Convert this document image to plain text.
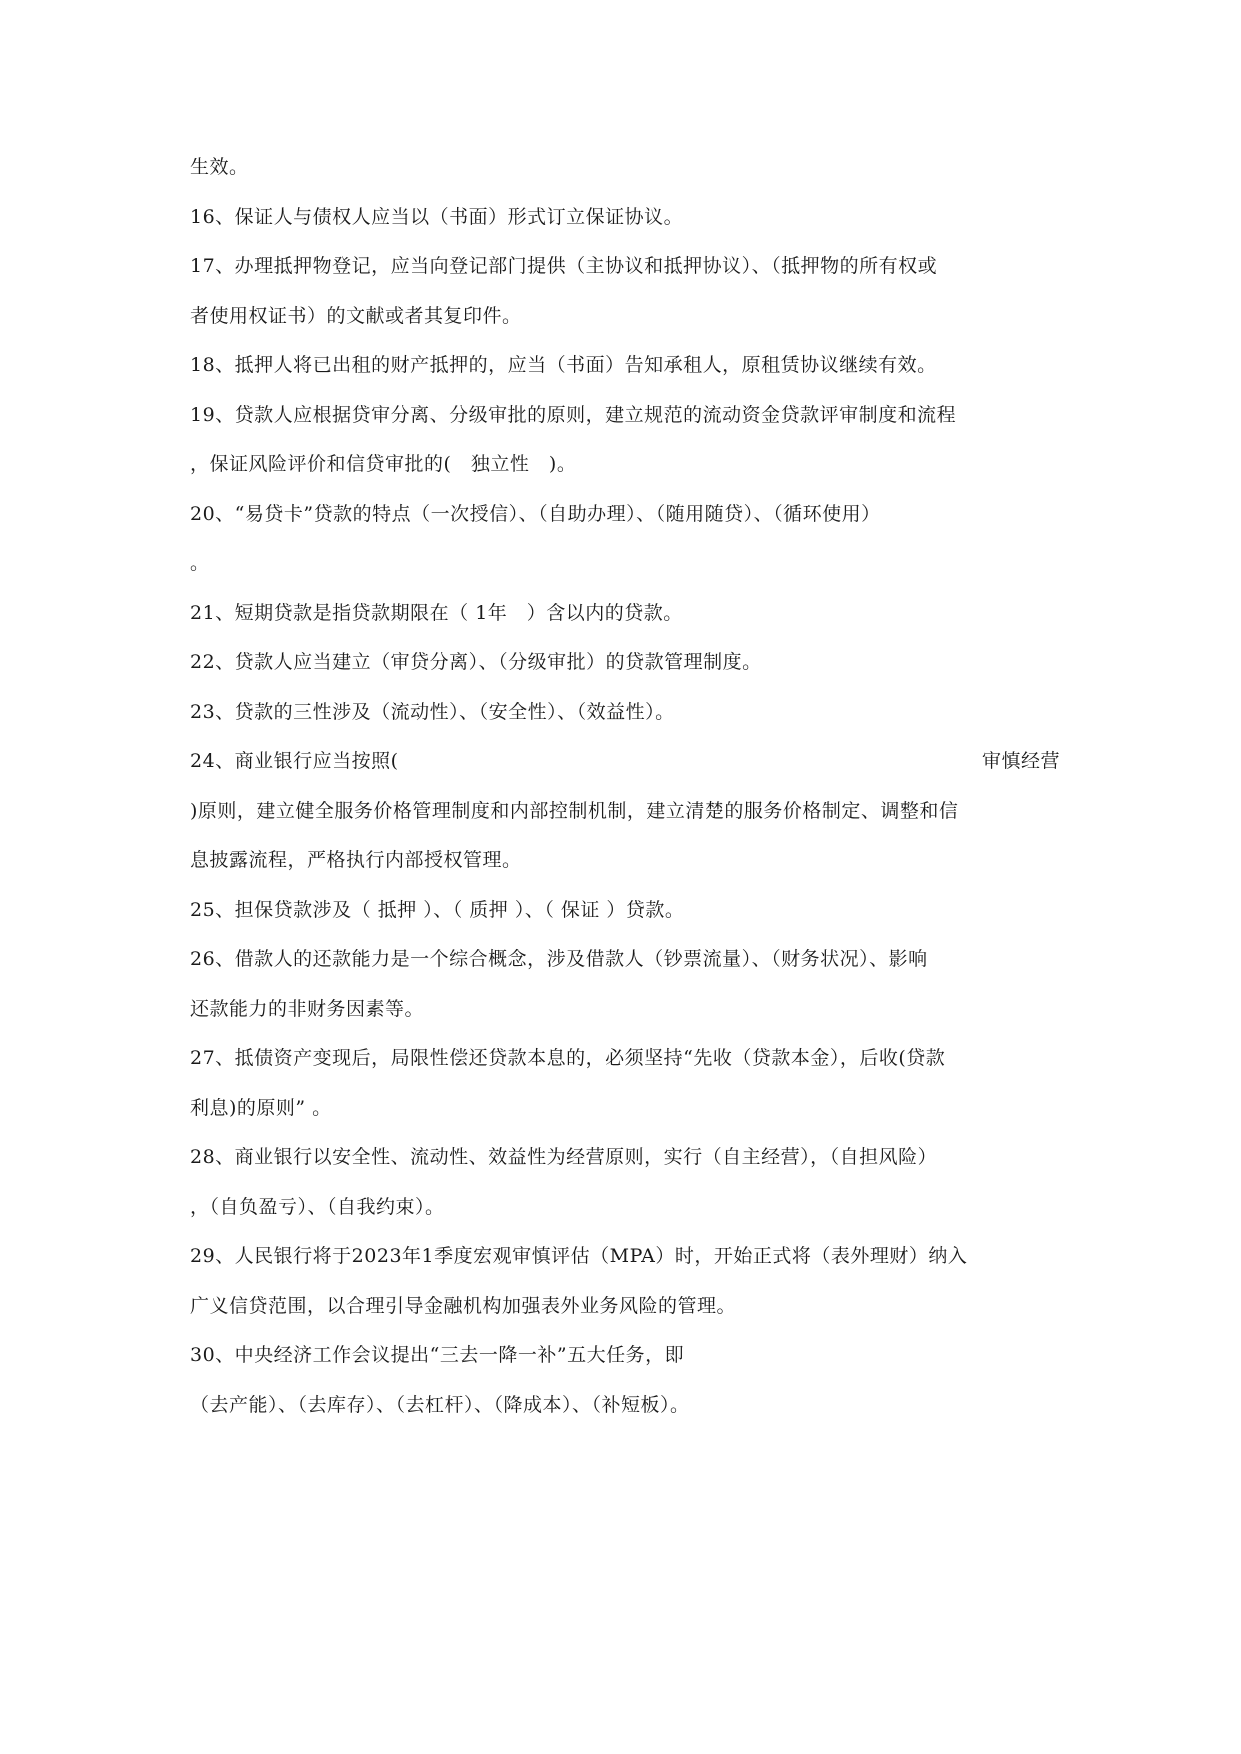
生效。
16、保证人与债权人应当以（书面）形式订立保证协议。
17、办理抵押物登记，应当向登记部门提供（主协议和抵押协议）、（抵押物的所有权或
者使用权证书）的文献或者其复印件。
18、抵押人将已出租的财产抵押的，应当（书面）告知承租人，原租赁协议继续有效。
19、贷款人应根据贷审分离、分级审批的原则，建立规范的流动资金贷款评审制度和流程
，保证风险评价和信贷审批的(　独立性　)。
20、“易贷卡”贷款的特点（一次授信）、（自助办理）、（随用随贷）、（循环使用）
。
21、短期贷款是指贷款期限在（ 1年　）含以内的贷款。
22、贷款人应当建立（审贷分离）、（分级审批）的贷款管理制度。
23、贷款的三性涉及（流动性）、（安全性）、（效益性）。
24、商业银行应当按照(	审慎经营
)原则，建立健全服务价格管理制度和内部控制机制，建立清楚的服务价格制定、调整和信
息披露流程，严格执行内部授权管理。
25、担保贷款涉及（ 抵押 ）、（ 质押 ）、（ 保证 ）贷款。
26、借款人的还款能力是一个综合概念，涉及借款人（钞票流量）、（财务状况）、影响
还款能力的非财务因素等。
27、抵债资产变现后，局限性偿还贷款本息的，必须坚持“先收（贷款本金），后收(贷款
利息)的原则” 。
28、商业银行以安全性、流动性、效益性为经营原则，实行（自主经营），（自担风险）
，（自负盈亏）、（自我约束）。
29、人民银行将于2023年1季度宏观审慎评估（MPA）时，开始正式将（表外理财）纳入
广义信贷范围，以合理引导金融机构加强表外业务风险的管理。
30、中央经济工作会议提出“三去一降一补”五大任务，即
（去产能）、（去库存）、（去杠杆）、（降成本）、（补短板）。
